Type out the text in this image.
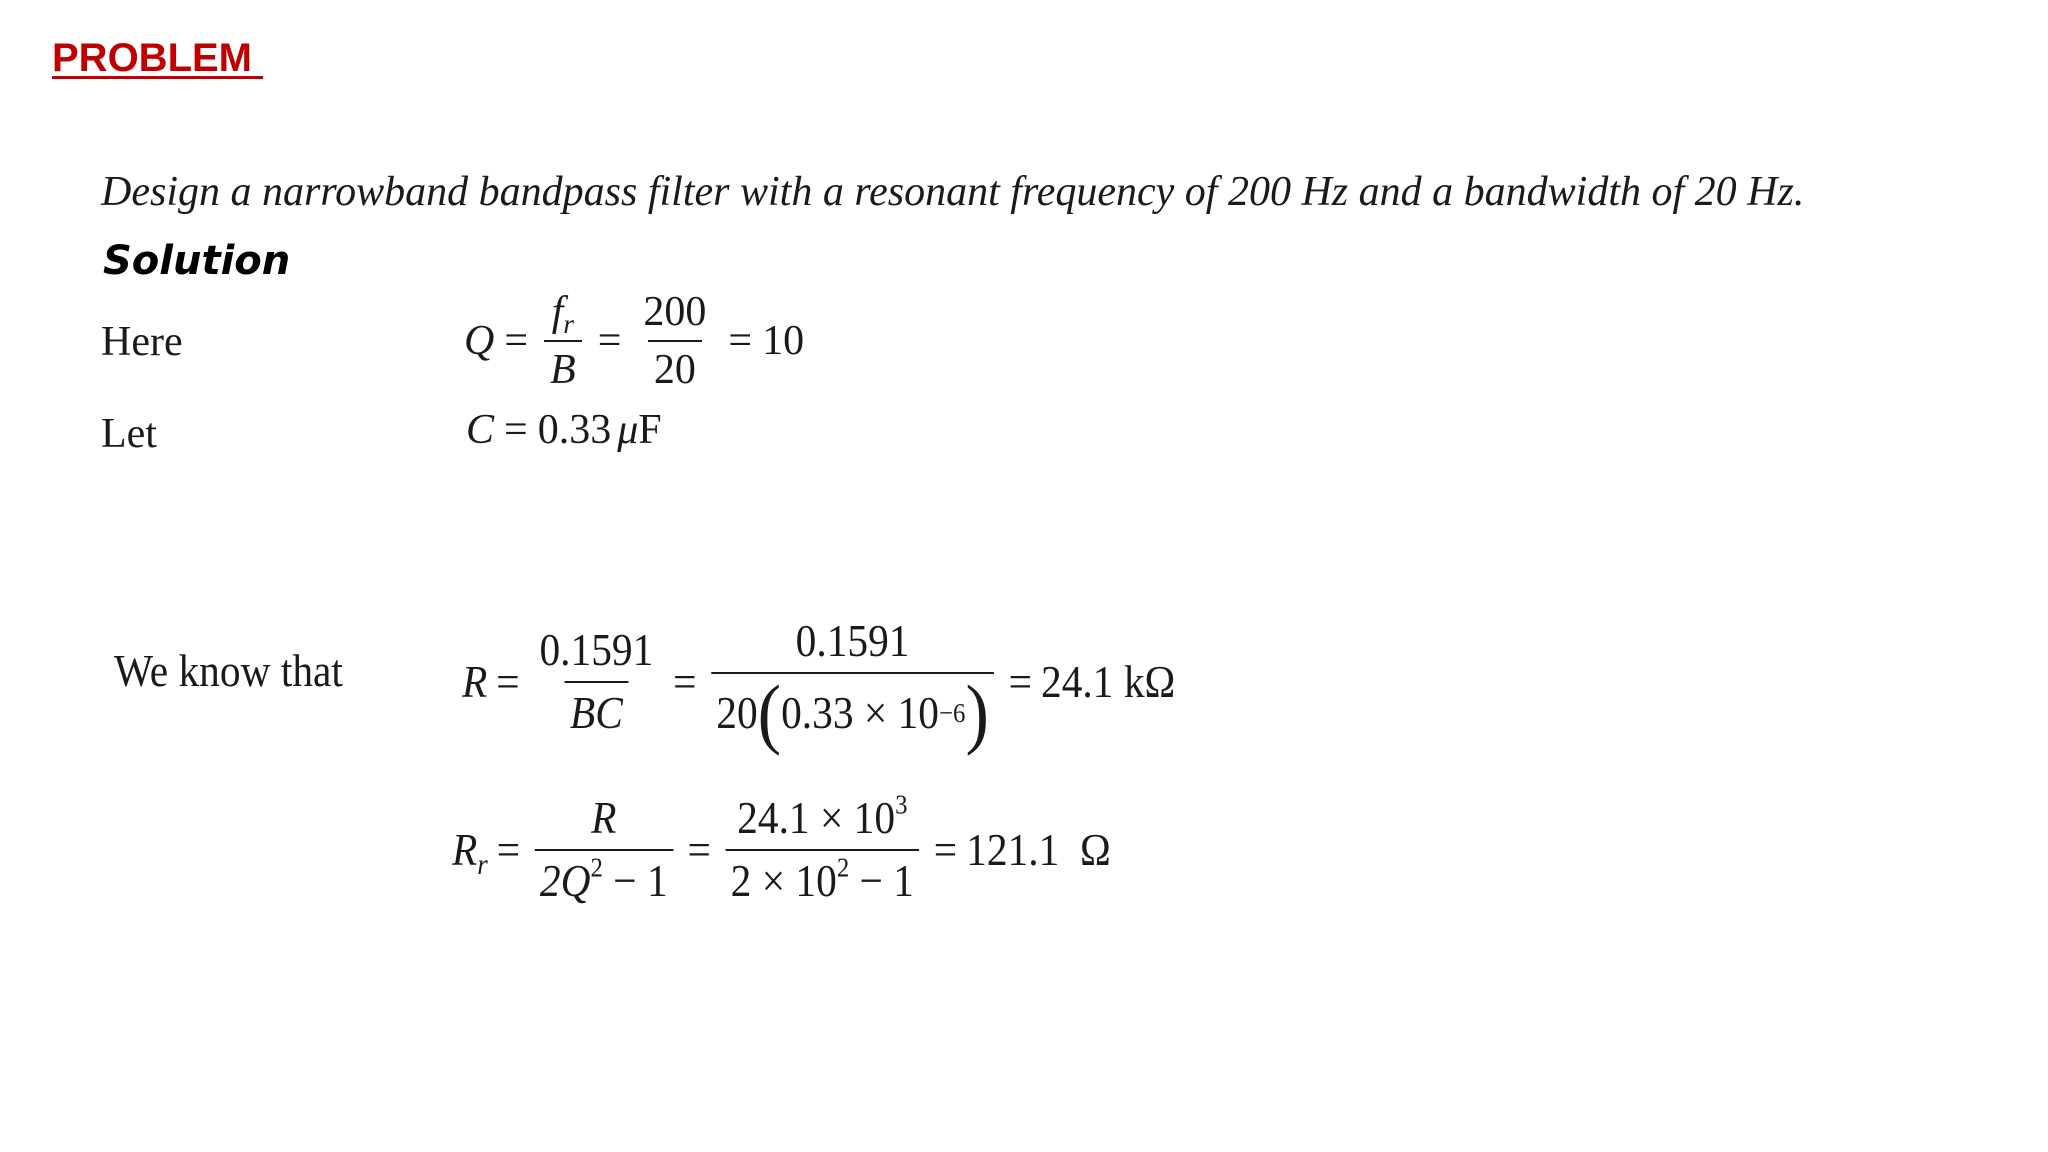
PROBLEM
Design a narrowband bandpass filter with a resonant frequency of 200 Hz and a bandwidth of 20 Hz.
Solution
Here	$Q = \frac{f_r}{B} = \frac{200}{20} = 10$
Let	C = 0.33 μ F
We know that	$R = \frac{0.1591}{BC} = \frac{0.1591}{20 ( 0.33 \times 10 -6 )} = 24.1$ kΩ
$R_r = \frac{R}{2Q^2 - 1} = \frac{24.1 \times 10^3}{2 \times 10^2 - 1} = 121.1$  Ω
